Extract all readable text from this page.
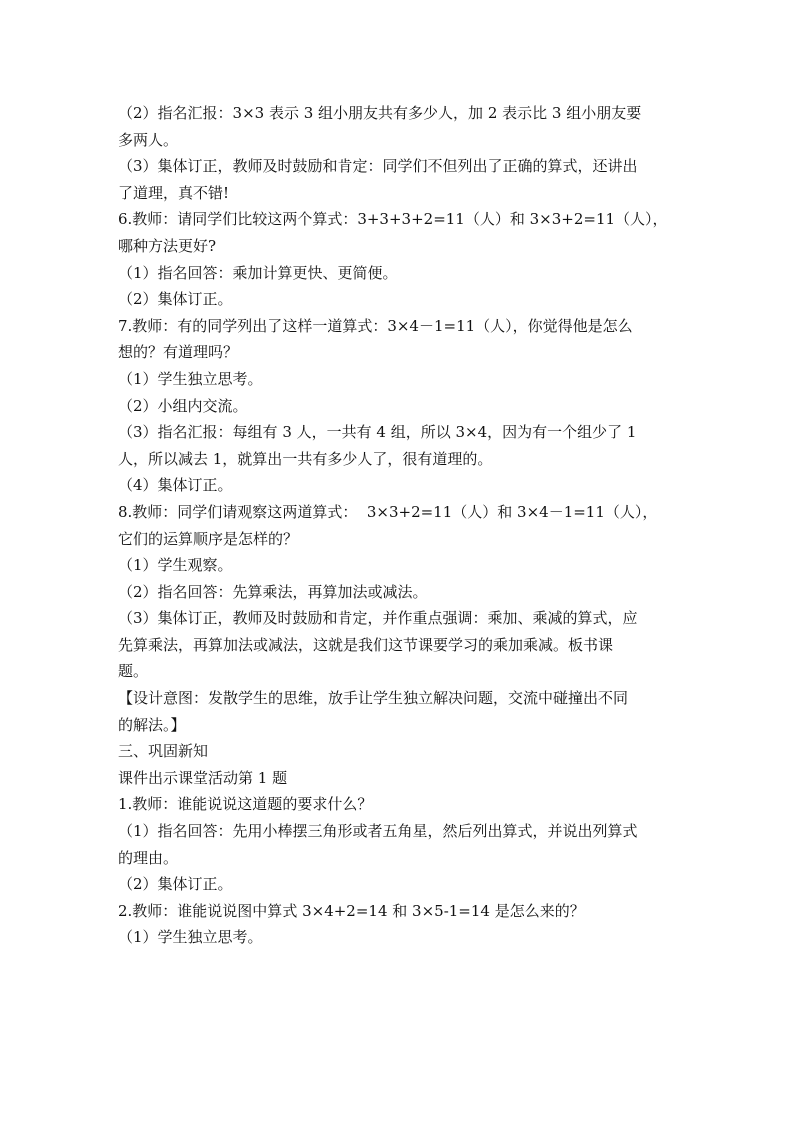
（2）指名汇报：3×3 表示 3 组小朋友共有多少人，加 2 表示比 3 组小朋友要
多两人。
（3）集体订正，教师及时鼓励和肯定：同学们不但列出了正确的算式，还讲出
了道理，真不错!
6.教师：请同学们比较这两个算式：3+3+3+2=11（人）和 3×3+2=11（人），
哪种方法更好?
（1）指名回答：乘加计算更快、更简便。
（2）集体订正。
7.教师：有的同学列出了这样一道算式：3×4－1=11（人），你觉得他是怎么
想的？有道理吗？
（1）学生独立思考。
（2）小组内交流。
（3）指名汇报：每组有 3 人，一共有 4 组，所以 3×4，因为有一个组少了 1
人，所以减去 1，就算出一共有多少人了，很有道理的。
（4）集体订正。
8.教师：同学们请观察这两道算式：  3×3+2=11（人）和 3×4－1=11（人），
它们的运算顺序是怎样的？
（1）学生观察。
（2）指名回答：先算乘法，再算加法或减法。
（3）集体订正，教师及时鼓励和肯定，并作重点强调：乘加、乘减的算式，应
先算乘法，再算加法或减法，这就是我们这节课要学习的乘加乘减。板书课
题。
【设计意图：发散学生的思维，放手让学生独立解决问题，交流中碰撞出不同
的解法。】
三、巩固新知
课件出示课堂活动第 1 题
1.教师：谁能说说这道题的要求什么？
（1）指名回答：先用小棒摆三角形或者五角星，然后列出算式，并说出列算式
的理由。
（2）集体订正。
2.教师：谁能说说图中算式 3×4+2=14 和 3×5-1=14 是怎么来的？
（1）学生独立思考。
